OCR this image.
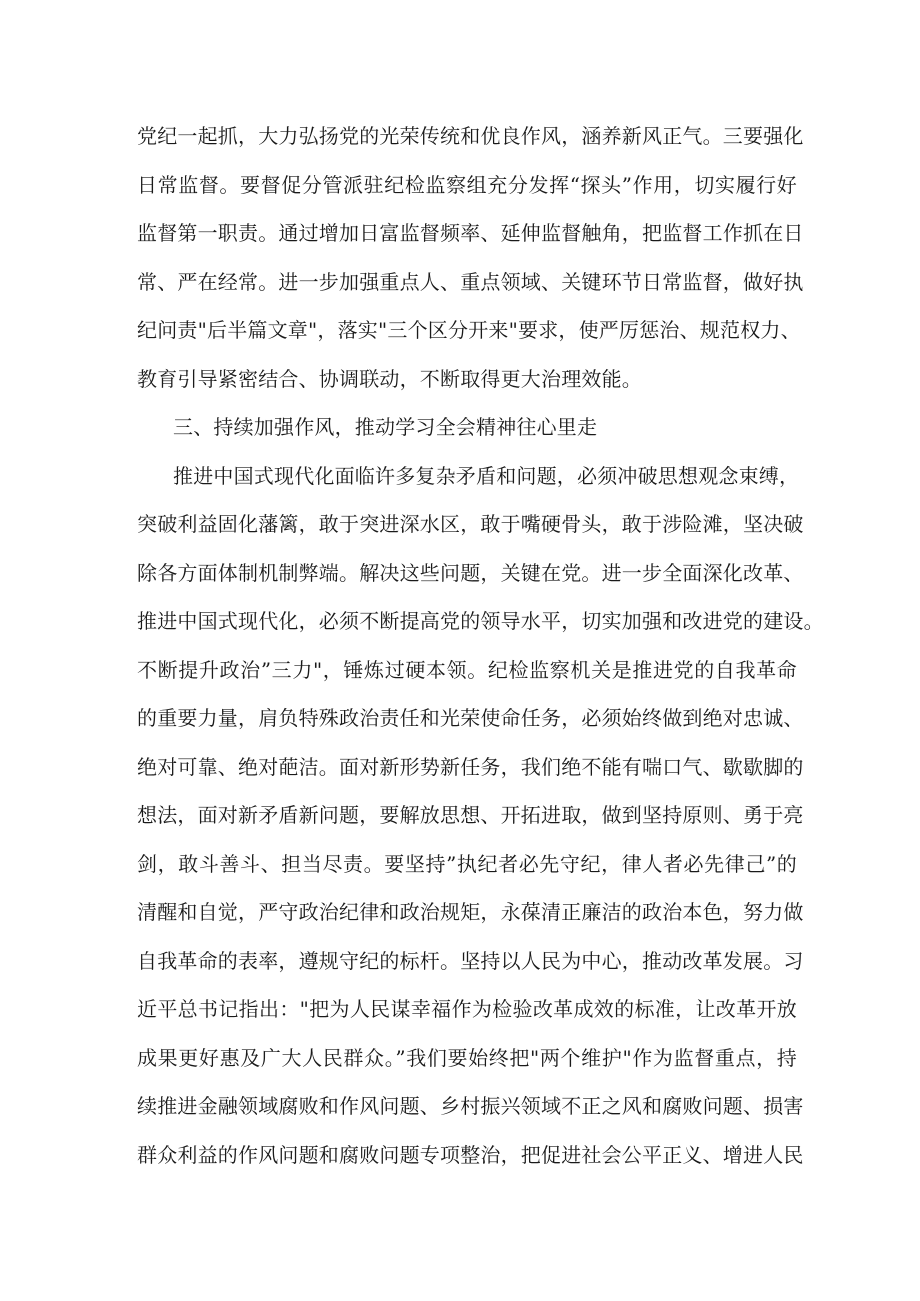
党纪一起抓，大力弘扬党的光荣传统和优良作风，涵养新风正气。三要强化
日常监督。要督促分管派驻纪检监察组充分发挥“探头”作用，切实履行好
监督第一职责。通过增加日富监督频率、延伸监督触角，把监督工作抓在日
常、严在经常。进一步加强重点人、重点领域、关键环节日常监督，做好执
纪问责"后半篇文章"，落实"三个区分开来"要求，使严厉惩治、规范权力、
教育引导紧密结合、协调联动，不断取得更大治理效能。
三、持续加强作风，推动学习全会精神往心里走
推进中国式现代化面临许多复杂矛盾和问题，必须冲破思想观念束缚，
突破利益固化藩篱，敢于突进深水区，敢于嘴硬骨头，敢于涉险滩，坚决破
除各方面体制机制弊端。解决这些问题，关键在党。进一步全面深化改革、
推进中国式现代化，必须不断提高党的领导水平，切实加强和改进党的建设。
不断提升政治”三力"，锤炼过硬本领。纪检监察机关是推进党的自我革命
的重要力量，肩负特殊政治责任和光荣使命任务，必须始终做到绝对忠诚、
绝对可靠、绝对葩洁。面对新形势新任务，我们绝不能有喘口气、歇歇脚的
想法，面对新矛盾新问题，要解放思想、开拓进取，做到坚持原则、勇于亮
剑，敢斗善斗、担当尽责。要坚持”执纪者必先守纪，律人者必先律己”的
清醒和自觉，严守政治纪律和政治规矩，永葆清正廉洁的政治本色，努力做
自我革命的表率，遵规守纪的标杆。坚持以人民为中心，推动改革发展。习
近平总书记指出："把为人民谋幸福作为检验改革成效的标准，让改革开放
成果更好惠及广大人民群众。”我们要始终把"两个维护"作为监督重点，持
续推进金融领域腐败和作风问题、乡村振兴领域不正之风和腐败问题、损害
群众利益的作风问题和腐败问题专项整治，把促进社会公平正义、增进人民
